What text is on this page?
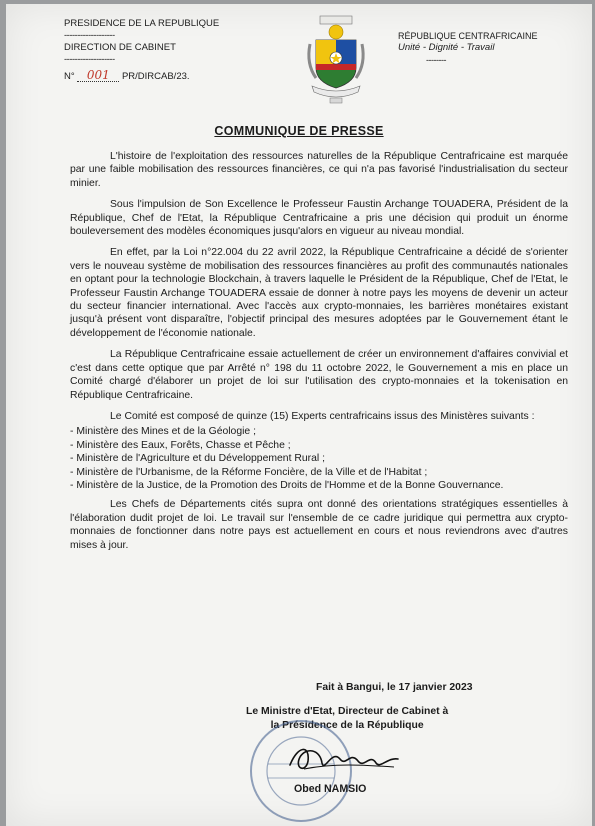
PRESIDENCE DE LA REPUBLIQUE
-------------------
DIRECTION DE CABINET
-------------------
N° 001 PR/DIRCAB/23.
RÉPUBLIQUE CENTRAFRICAINE
Unité - Dignité - Travail
--------
COMMUNIQUE DE PRESSE

L'histoire de l'exploitation des ressources naturelles de la République Centrafricaine est marquée par une faible mobilisation des ressources financières, ce qui n'a pas favorisé l'industrialisation du secteur minier.

Sous l'impulsion de Son Excellence le Professeur Faustin Archange TOUADERA, Président de la République, Chef de l'Etat, la République Centrafricaine a pris une décision qui produit un énorme bouleversement des modèles économiques jusqu'alors en vigueur au niveau mondial.

En effet, par la Loi n°22.004 du 22 avril 2022, la République Centrafricaine a décidé de s'orienter vers le nouveau système de mobilisation des ressources financières au profit des communautés nationales en optant pour la technologie Blockchain, à travers laquelle le Président de la République, Chef de l'Etat, le Professeur Faustin Archange TOUADERA essaie de donner à notre pays les moyens de devenir un acteur du secteur financier international. Avec l'accès aux crypto-monnaies, les barrières monétaires existant jusqu'à présent vont disparaître, l'objectif principal des mesures adoptées par le Gouvernement étant le développement de l'économie nationale.

La République Centrafricaine essaie actuellement de créer un environnement d'affaires convivial et c'est dans cette optique que par Arrêté n° 198 du 11 octobre 2022, le Gouvernement a mis en place un Comité chargé d'élaborer un projet de loi sur l'utilisation des crypto-monnaies et la tokenisation en République Centrafricaine.

Le Comité est composé de quinze (15) Experts centrafricains issus des Ministères suivants :

- Ministère des Mines et de la Géologie ;
- Ministère des Eaux, Forêts, Chasse et Pêche ;
- Ministère de l'Agriculture et du Développement Rural ;
- Ministère de l'Urbanisme, de la Réforme Foncière, de la Ville et de l'Habitat ;
- Ministère de la Justice, de la Promotion des Droits de l'Homme et de la Bonne Gouvernance.

Les Chefs de Départements cités supra ont donné des orientations stratégiques essentielles à l'élaboration dudit projet de loi. Le travail sur l'ensemble de ce cadre juridique qui permettra aux crypto-monnaies de fonctionner dans notre pays est actuellement en cours et nous reviendrons avec d'autres mises à jour.

Fait à Bangui, le 17 janvier 2023
Le Ministre d'Etat, Directeur de Cabinet à
la Présidence de la République
Obed NAMSIO
